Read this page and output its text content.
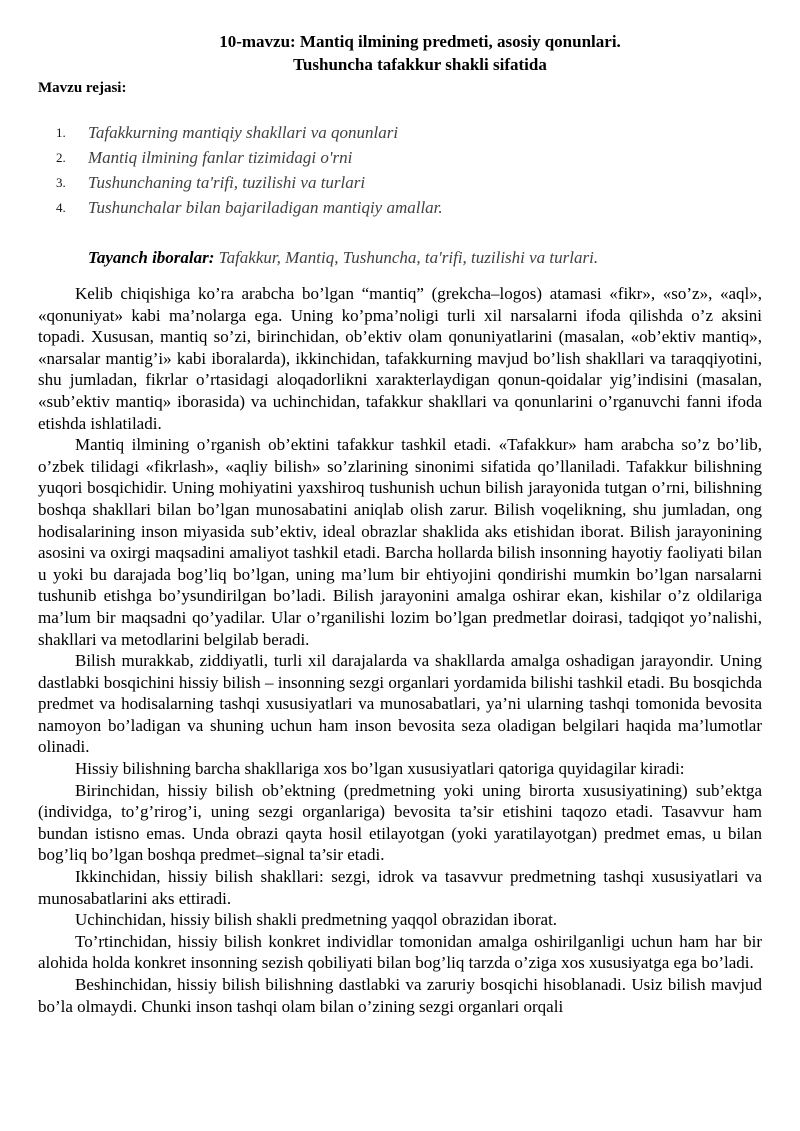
10-mavzu: Mantiq ilmining predmeti, asosiy qonunlari.
Tushuncha tafakkur shakli sifatida
Mavzu rejasi:
1.	Tafakkurning mantiqiy shakllari va qonunlari
2.	Mantiq ilmining fanlar tizimidagi o'rni
3.	Tushunchaning ta'rifi, tuzilishi va turlari
4.	Tushunchalar bilan bajariladigan mantiqiy amallar.
Tayanch iboralar: Tafakkur, Mantiq, Tushuncha, ta'rifi, tuzilishi va turlari.

Kelib chiqishiga ko’ra arabcha bo’lgan “mantiq” (grekcha–logos) atamasi «fikr», «so’z», «aql», «qonuniyat» kabi ma’nolarga ega. Uning ko’pma’noligi turli xil narsalarni ifoda qilishda o’z aksini topadi. Xususan, mantiq so’zi, birinchidan, ob’ektiv olam qonuniyatlarini (masalan, «ob’ektiv mantiq», «narsalar mantig’i» kabi iboralarda), ikkinchidan, tafakkurning mavjud bo’lish shakllari va taraqqiyotini, shu jumladan, fikrlar o’rtasidagi aloqadorlikni xarakterlaydigan qonun-qoidalar yig’indisini (masalan, «sub’ektiv mantiq» iborasida) va uchinchidan, tafakkur shakllari va qonunlarini o’rganuvchi fanni ifoda etishda ishlatiladi.

Mantiq ilmining o’rganish ob’ektini tafakkur tashkil etadi. «Tafakkur» ham arabcha so’z bo’lib, o’zbek tilidagi «fikrlash», «aqliy bilish» so’zlarining sinonimi sifatida qo’llaniladi. Tafakkur bilishning yuqori bosqichidir. Uning mohiyatini yaxshiroq tushunish uchun bilish jarayonida tutgan o’rni, bilishning boshqa shakllari bilan bo’lgan munosabatini aniqlab olish zarur. Bilish voqelikning, shu jumladan, ong hodisalarining inson miyasida sub’ektiv, ideal obrazlar shaklida aks etishidan iborat. Bilish jarayonining asosini va oxirgi maqsadini amaliyot tashkil etadi. Barcha hollarda bilish insonning hayotiy faoliyati bilan u yoki bu darajada bog’liq bo’lgan, uning ma’lum bir ehtiyojini qondirishi mumkin bo’lgan narsalarni tushunib etishga bo’ysundirilgan bo’ladi. Bilish jarayonini amalga oshirar ekan, kishilar o’z oldilariga ma’lum bir maqsadni qo’yadilar. Ular o’rganilishi lozim bo’lgan predmetlar doirasi, tadqiqot yo’nalishi, shakllari va metodlarini belgilab beradi.

Bilish murakkab, ziddiyatli, turli xil darajalarda va shakllarda amalga oshadigan jarayondir. Uning dastlabki bosqichini hissiy bilish – insonning sezgi organlari yordamida bilishi tashkil etadi. Bu bosqichda predmet va hodisalarning tashqi xususiyatlari va munosabatlari, ya’ni ularning tashqi tomonida bevosita namoyon bo’ladigan va shuning uchun ham inson bevosita seza oladigan belgilari haqida ma’lumotlar olinadi.

Hissiy bilishning barcha shakllariga xos bo’lgan xususiyatlari qatoriga quyidagilar kiradi:

Birinchidan, hissiy bilish ob’ektning (predmetning yoki uning birorta xususiyatining) sub’ektga (individga, to’g’rirog’i, uning sezgi organlariga) bevosita ta’sir etishini taqozo etadi. Tasavvur ham bundan istisno emas. Unda obrazi qayta hosil etilayotgan (yoki yaratilayotgan) predmet emas, u bilan bog’liq bo’lgan boshqa predmet–signal ta’sir etadi.

Ikkinchidan, hissiy bilish shakllari: sezgi, idrok va tasavvur predmetning tashqi xususiyatlari va munosabatlarini aks ettiradi.

Uchinchidan, hissiy bilish shakli predmetning yaqqol obrazidan iborat.

To’rtinchidan, hissiy bilish konkret individlar tomonidan amalga oshirilganligi uchun ham har bir alohida holda konkret insonning sezish qobiliyati bilan bog’liq tarzda o’ziga xos xususiyatga ega bo’ladi.

Beshinchidan, hissiy bilish bilishning dastlabki va zaruriy bosqichi hisoblanadi. Usiz bilish mavjud bo’la olmaydi. Chunki inson tashqi olam bilan o’zining sezgi organlari orqali
